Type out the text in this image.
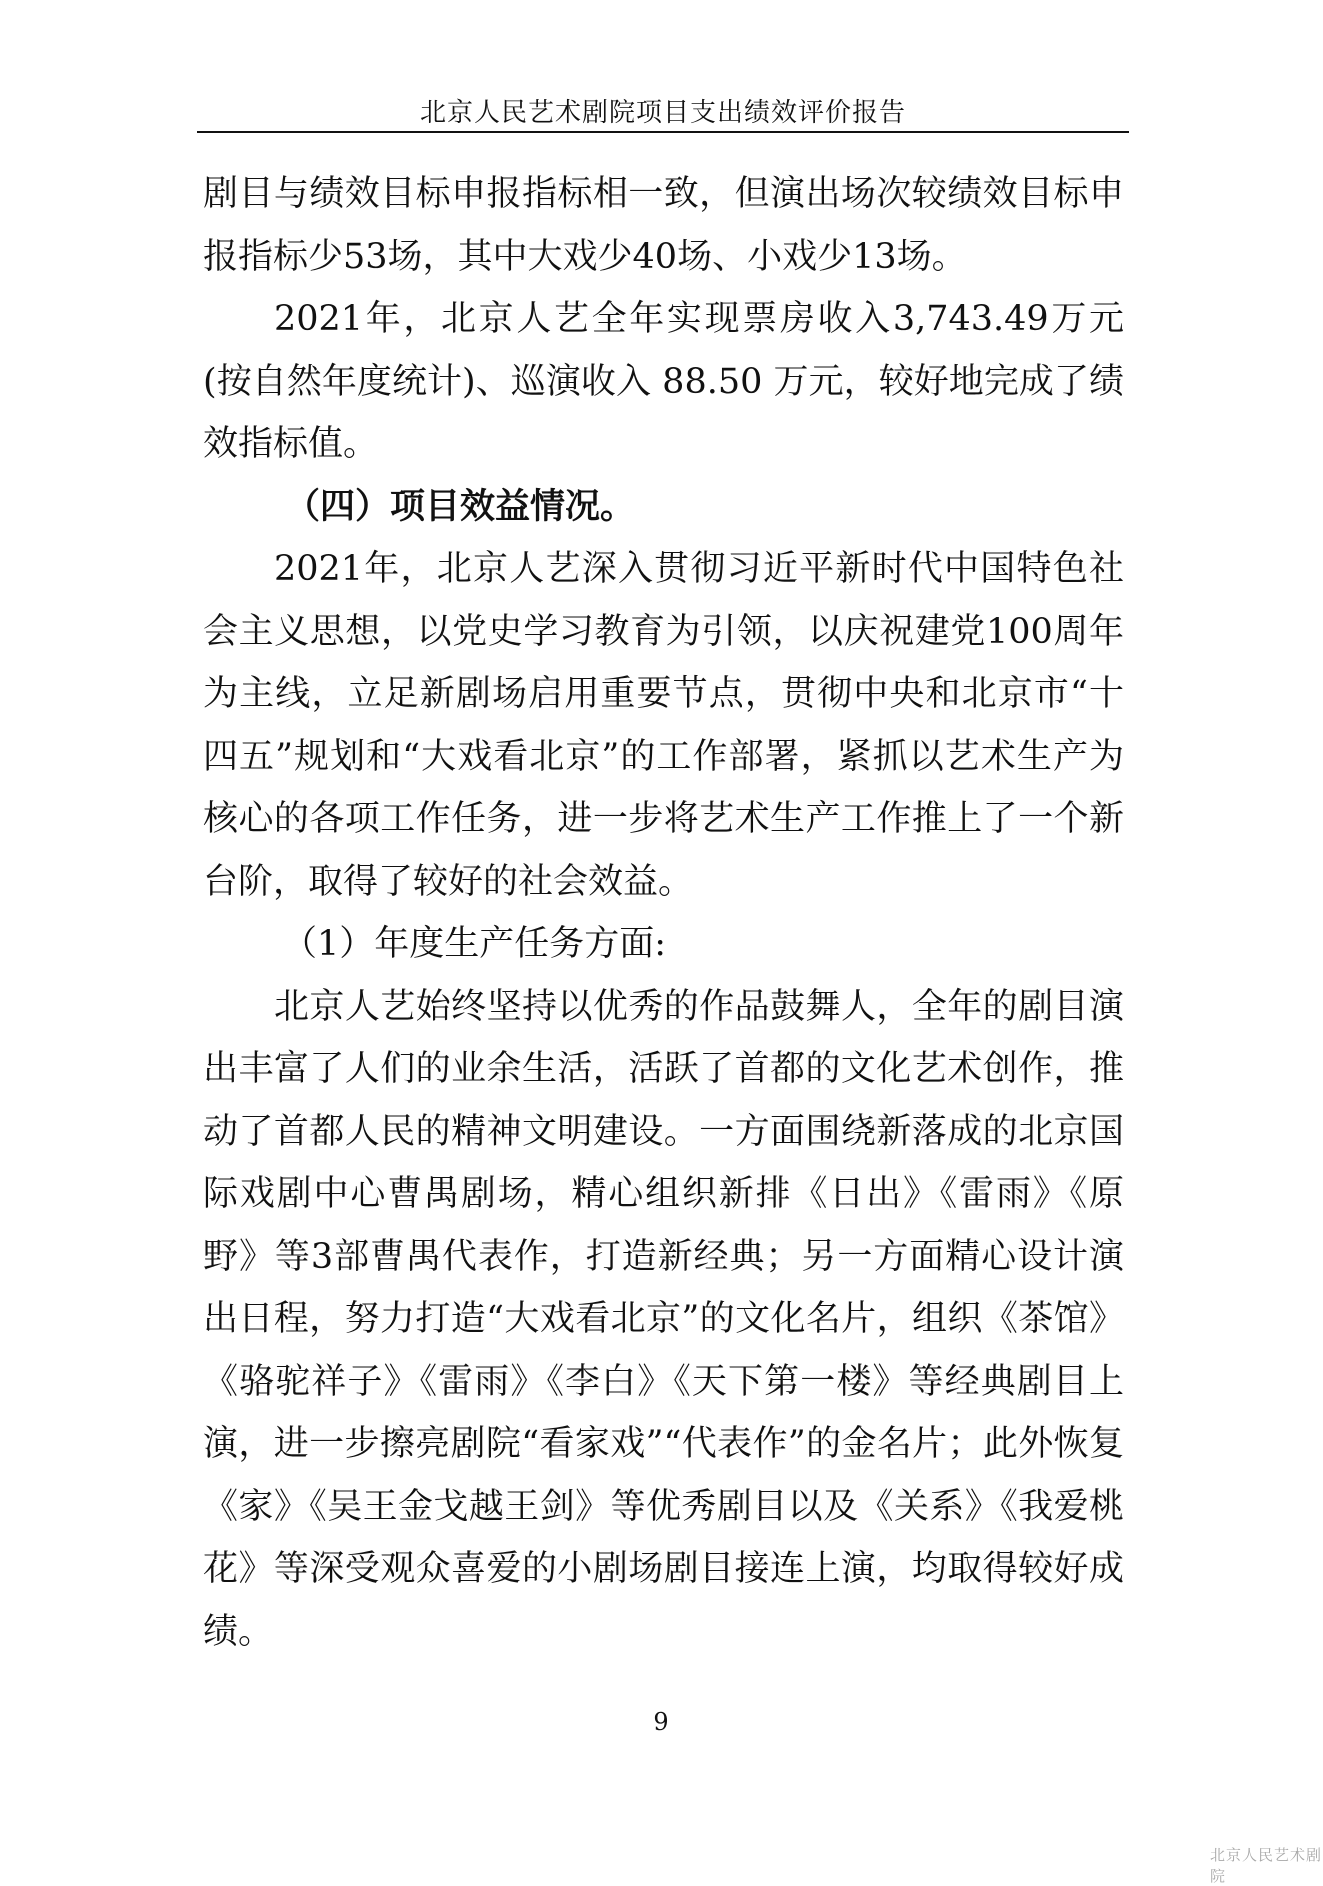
北京人民艺术剧院项目支出绩效评价报告

剧目与绩效目标申报指标相一致，但演出场次较绩效目标申报指标少53场，其中大戏少40场、小戏少13场。

2021年，北京人艺全年实现票房收入3,743.49万元(按自然年度统计)、巡演收入 88.50 万元，较好地完成了绩效指标值。

（四）项目效益情况。

2021年，北京人艺深入贯彻习近平新时代中国特色社会主义思想，以党史学习教育为引领，以庆祝建党100周年为主线，立足新剧场启用重要节点，贯彻中央和北京市“十四五”规划和“大戏看北京”的工作部署，紧抓以艺术生产为核心的各项工作任务，进一步将艺术生产工作推上了一个新台阶，取得了较好的社会效益。

（1）年度生产任务方面:

北京人艺始终坚持以优秀的作品鼓舞人，全年的剧目演出丰富了人们的业余生活，活跃了首都的文化艺术创作，推动了首都人民的精神文明建设。一方面围绕新落成的北京国际戏剧中心曹禺剧场，精心组织新排《日出》《雷雨》《原野》等3部曹禺代表作，打造新经典；另一方面精心设计演出日程，努力打造“大戏看北京”的文化名片，组织《茶馆》《骆驼祥子》《雷雨》《李白》《天下第一楼》等经典剧目上演，进一步擦亮剧院“看家戏”“代表作”的金名片；此外恢复《家》《吴王金戈越王剑》等优秀剧目以及《关系》《我爱桃花》等深受观众喜爱的小剧场剧目接连上演，均取得较好成绩。

9
北京人民艺术剧院
